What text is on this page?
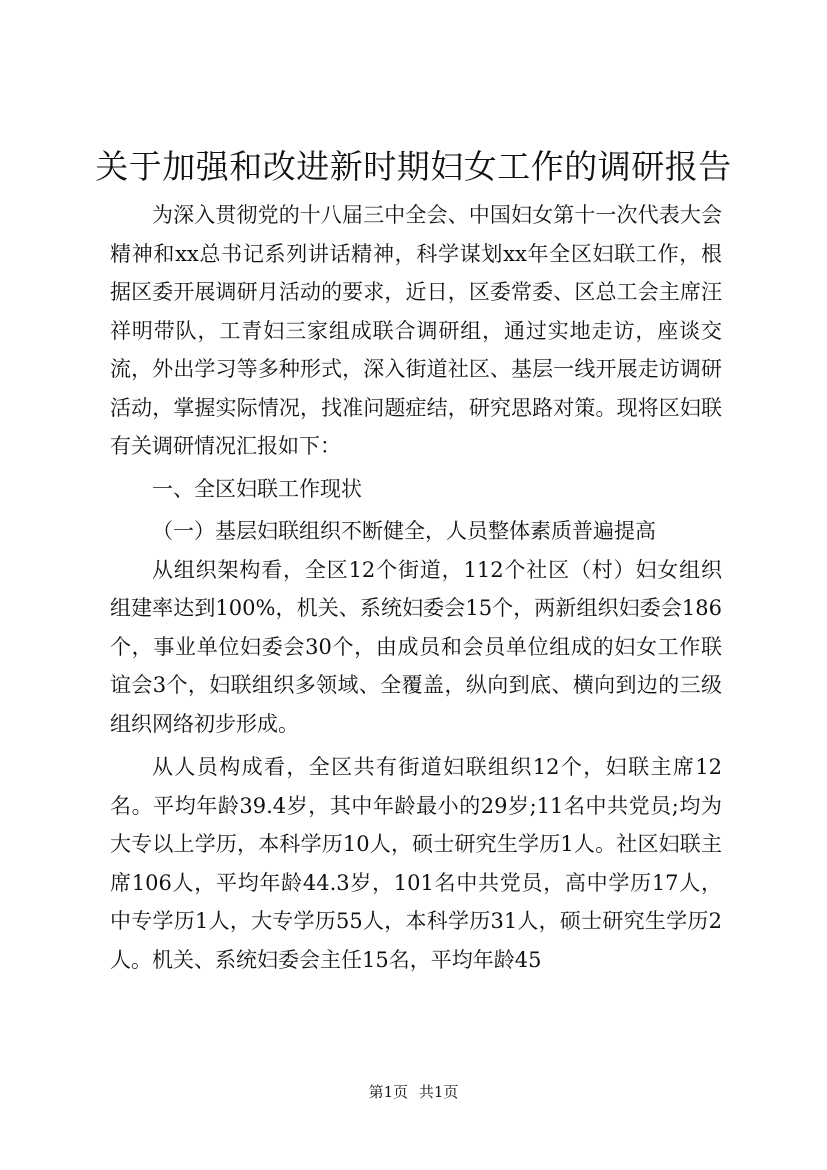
关于加强和改进新时期妇女工作的调研报告

为深入贯彻党的十八届三中全会、中国妇女第十一次代表大会精神和xx总书记系列讲话精神，科学谋划xx年全区妇联工作，根据区委开展调研月活动的要求，近日，区委常委、区总工会主席汪祥明带队，工青妇三家组成联合调研组，通过实地走访，座谈交流，外出学习等多种形式，深入街道社区、基层一线开展走访调研活动，掌握实际情况，找准问题症结，研究思路对策。现将区妇联有关调研情况汇报如下：

一、全区妇联工作现状

（一）基层妇联组织不断健全，人员整体素质普遍提高

从组织架构看，全区12个街道，112个社区（村）妇女组织组建率达到100%，机关、系统妇委会15个，两新组织妇委会186个，事业单位妇委会30个，由成员和会员单位组成的妇女工作联谊会3个，妇联组织多领域、全覆盖，纵向到底、横向到边的三级组织网络初步形成。

从人员构成看，全区共有街道妇联组织12个，妇联主席12名。平均年龄39.4岁，其中年龄最小的29岁;11名中共党员;均为大专以上学历，本科学历10人，硕士研究生学历1人。社区妇联主席106人，平均年龄44.3岁，101名中共党员，高中学历17人，中专学历1人，大专学历55人，本科学历31人，硕士研究生学历2人。机关、系统妇委会主任15名，平均年龄45

第1页 共1页
